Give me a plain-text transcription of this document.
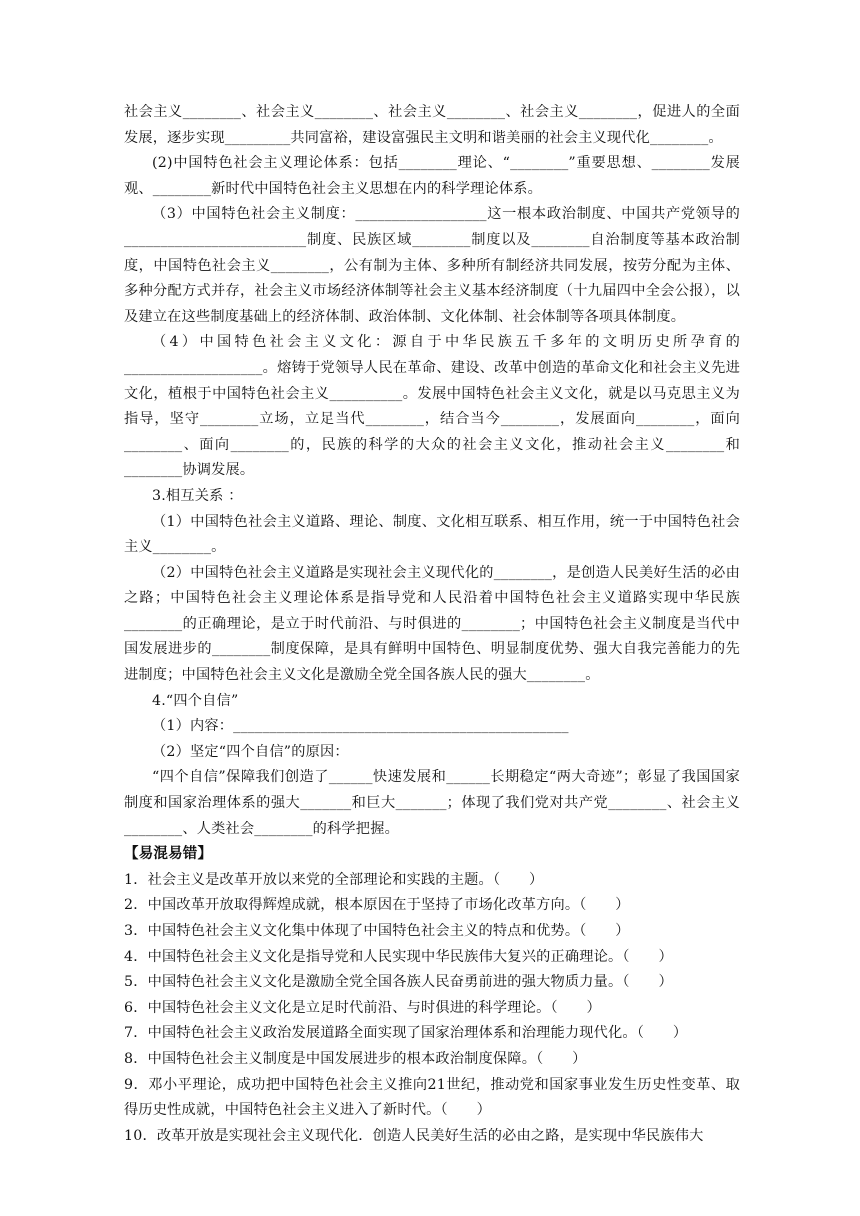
社会主义________、社会主义________、社会主义________、社会主义________，促进人的全面发展，逐步实现_________共同富裕，建设富强民主文明和谐美丽的社会主义现代化________。

(2)中国特色社会主义理论体系：包括________理论、“________”重要思想、________发展观、________新时代中国特色社会主义思想在内的科学理论体系。

（3）中国特色社会主义制度：__________________这一根本政治制度、中国共产党领导的_________________________制度、民族区域________制度以及________自治制度等基本政治制度，中国特色社会主义________，公有制为主体、多种所有制经济共同发展，按劳分配为主体、多种分配方式并存，社会主义市场经济体制等社会主义基本经济制度（十九届四中全会公报），以及建立在这些制度基础上的经济体制、政治体制、文化体制、社会体制等各项具体制度。

（4）中国特色社会主义文化：源自于中华民族五千多年的文明历史所孕育的___________________。熔铸于党领导人民在革命、建设、改革中创造的革命文化和社会主义先进文化，植根于中国特色社会主义__________。发展中国特色社会主义文化，就是以马克思主义为指导，坚守________立场，立足当代________，结合当今________，发展面向________，面向________、面向________的，民族的科学的大众的社会主义文化，推动社会主义________和________协调发展。

3.相互关系 ：

（1）中国特色社会主义道路、理论、制度、文化相互联系、相互作用，统一于中国特色社会主义________。

（2）中国特色社会主义道路是实现社会主义现代化的________，是创造人民美好生活的必由之路；中国特色社会主义理论体系是指导党和人民沿着中国特色社会主义道路实现中华民族________的正确理论，是立于时代前沿、与时俱进的________；中国特色社会主义制度是当代中国发展进步的________制度保障，是具有鲜明中国特色、明显制度优势、强大自我完善能力的先进制度；中国特色社会主义文化是激励全党全国各族人民的强大________。

4.“四个自信”

（1）内容：______________________________________________

（2）坚定“四个自信”的原因：

“四个自信”保障我们创造了______快速发展和______长期稳定“两大奇迹”；彰显了我国国家制度和国家治理体系的强大_______和巨大_______；体现了我们党对共产党________、社会主义________、人类社会________的科学把握。

【易混易错】

1．社会主义是改革开放以来党的全部理论和实践的主题。（　　）

2．中国改革开放取得辉煌成就，根本原因在于坚持了市场化改革方向。（　　）

3．中国特色社会主义文化集中体现了中国特色社会主义的特点和优势。（　　）

4．中国特色社会主义文化是指导党和人民实现中华民族伟大复兴的正确理论。（　　）

5．中国特色社会主义文化是激励全党全国各族人民奋勇前进的强大物质力量。（　　）

6．中国特色社会主义文化是立足时代前沿、与时俱进的科学理论。（　　）

7．中国特色社会主义政治发展道路全面实现了国家治理体系和治理能力现代化。（　　）

8．中国特色社会主义制度是中国发展进步的根本政治制度保障。（　　）

9．邓小平理论，成功把中国特色社会主义推向21世纪，推动党和国家事业发生历史性变革、取得历史性成就，中国特色社会主义进入了新时代。（　　）

10．改革开放是实现社会主义现代化．创造人民美好生活的必由之路，是实现中华民族伟大
